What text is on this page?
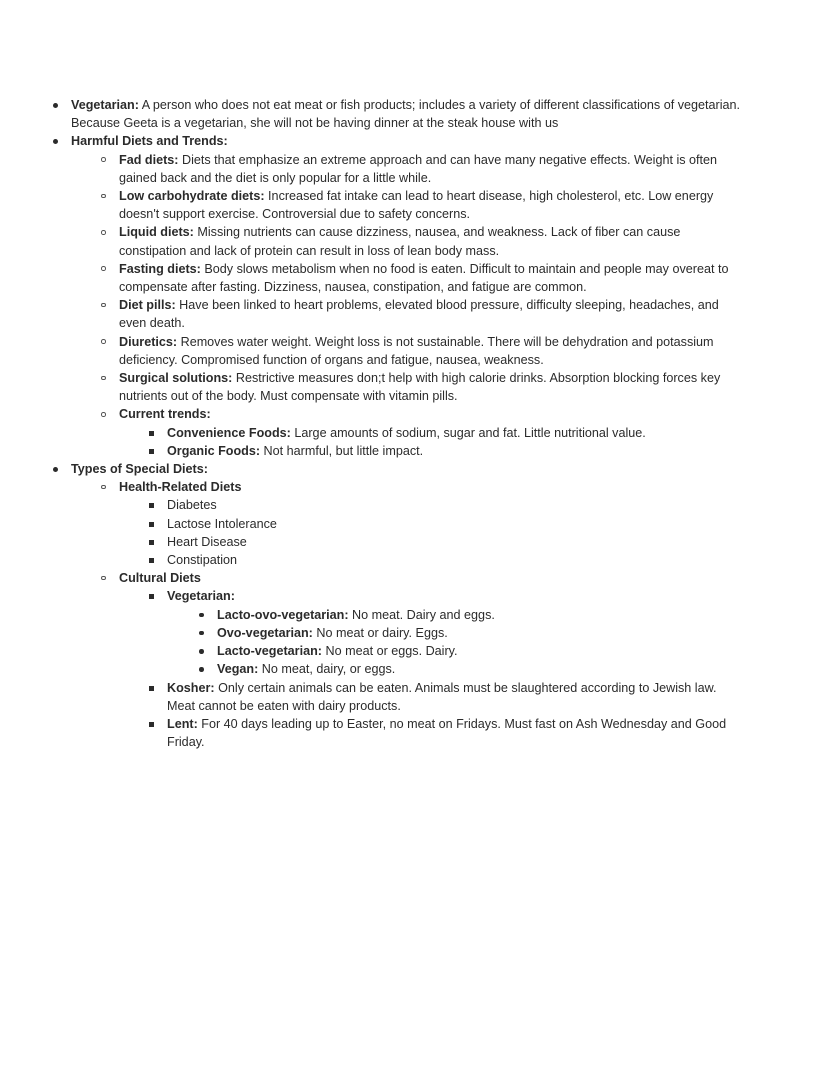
Vegetarian: A person who does not eat meat or fish products; includes a variety of different classifications of vegetarian. Because Geeta is a vegetarian, she will not be having dinner at the steak house with us
Harmful Diets and Trends:
Fad diets: Diets that emphasize an extreme approach and can have many negative effects. Weight is often gained back and the diet is only popular for a little while.
Low carbohydrate diets: Increased fat intake can lead to heart disease, high cholesterol, etc. Low energy doesn't support exercise. Controversial due to safety concerns.
Liquid diets: Missing nutrients can cause dizziness, nausea, and weakness. Lack of fiber can cause constipation and lack of protein can result in loss of lean body mass.
Fasting diets: Body slows metabolism when no food is eaten. Difficult to maintain and people may overeat to compensate after fasting. Dizziness, nausea, constipation, and fatigue are common.
Diet pills: Have been linked to heart problems, elevated blood pressure, difficulty sleeping, headaches, and even death.
Diuretics: Removes water weight. Weight loss is not sustainable. There will be dehydration and potassium deficiency. Compromised function of organs and fatigue, nausea, weakness.
Surgical solutions: Restrictive measures don;t help with high calorie drinks. Absorption blocking forces key nutrients out of the body. Must compensate with vitamin pills.
Current trends:
Convenience Foods: Large amounts of sodium, sugar and fat. Little nutritional value.
Organic Foods: Not harmful, but little impact.
Types of Special Diets:
Health-Related Diets
Diabetes
Lactose Intolerance
Heart Disease
Constipation
Cultural Diets
Vegetarian:
Lacto-ovo-vegetarian: No meat. Dairy and eggs.
Ovo-vegetarian: No meat or dairy. Eggs.
Lacto-vegetarian: No meat or eggs. Dairy.
Vegan: No meat, dairy, or eggs.
Kosher: Only certain animals can be eaten. Animals must be slaughtered according to Jewish law. Meat cannot be eaten with dairy products.
Lent: For 40 days leading up to Easter, no meat on Fridays. Must fast on Ash Wednesday and Good Friday.
